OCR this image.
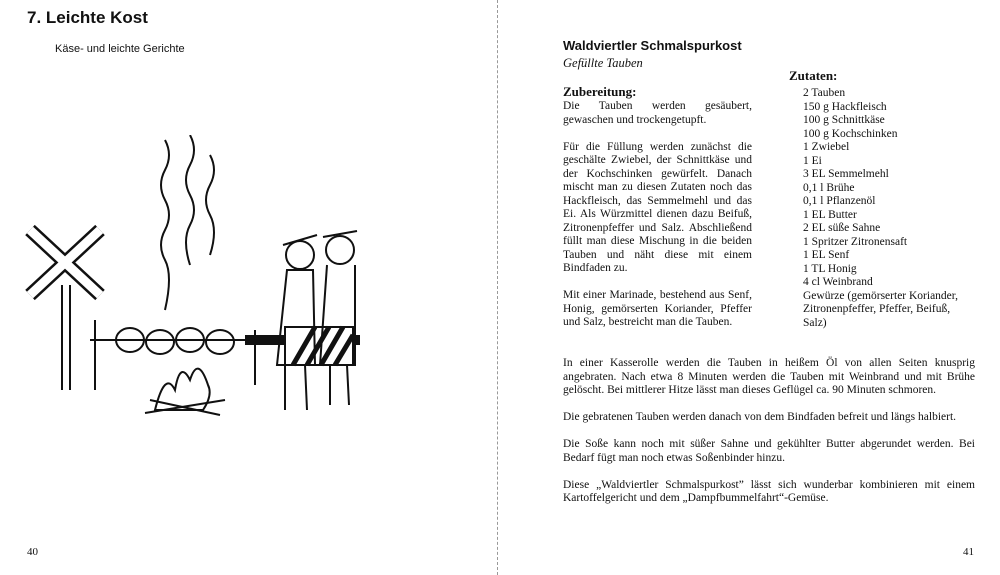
7. Leichte Kost
Käse- und leichte Gerichte
40
Waldviertler Schmalspurkost
Gefüllte Tauben
Zutaten:
Zubereitung:

Die Tauben werden gesäubert, gewaschen und trockengetupft.

Für die Füllung werden zunächst die geschälte Zwiebel, der Schnittkäse und der Kochschinken gewürfelt. Danach mischt man zu diesen Zutaten noch das Hackfleisch, das Semmelmehl und das Ei. Als Würzmittel dienen dazu Beifuß, Zitronenpfeffer und Salz. Abschließend füllt man diese Mischung in die beiden Tauben und näht diese mit einem Bindfaden zu.

Mit einer Marinade, bestehend aus Senf, Honig, gemörserten Koriander, Pfeffer und Salz, bestreicht man die Tauben.

2 Tauben
150 g Hackfleisch
100 g Schnittkäse
100 g Kochschinken
1 Zwiebel
1 Ei
3 EL Semmelmehl
0,1 l Brühe
0,1 l Pflanzenöl
1 EL Butter
2 EL süße Sahne
1 Spritzer Zitronensaft
1 EL Senf
1 TL Honig
4 cl Weinbrand
Gewürze (gemörserter Koriander,
Zitronenpfeffer, Pfeffer, Beifuß,
Salz)

In einer Kasserolle werden die Tauben in heißem Öl von allen Seiten knusprig angebraten. Nach etwa 8 Minuten werden die Tauben mit Weinbrand und mit Brühe gelöscht. Bei mittlerer Hitze lässt man dieses Geflügel ca. 90 Minuten schmoren.

Die gebratenen Tauben werden danach von dem Bindfaden befreit und längs halbiert.

Die Soße kann noch mit süßer Sahne und gekühlter Butter abgerundet werden. Bei Bedarf fügt man noch etwas Soßenbinder hinzu.

Diese „Waldviertler Schmalspurkost” lässt sich wunderbar kombinieren mit einem Kartoffelgericht und dem „Dampfbummelfahrt“-Gemüse.

41
